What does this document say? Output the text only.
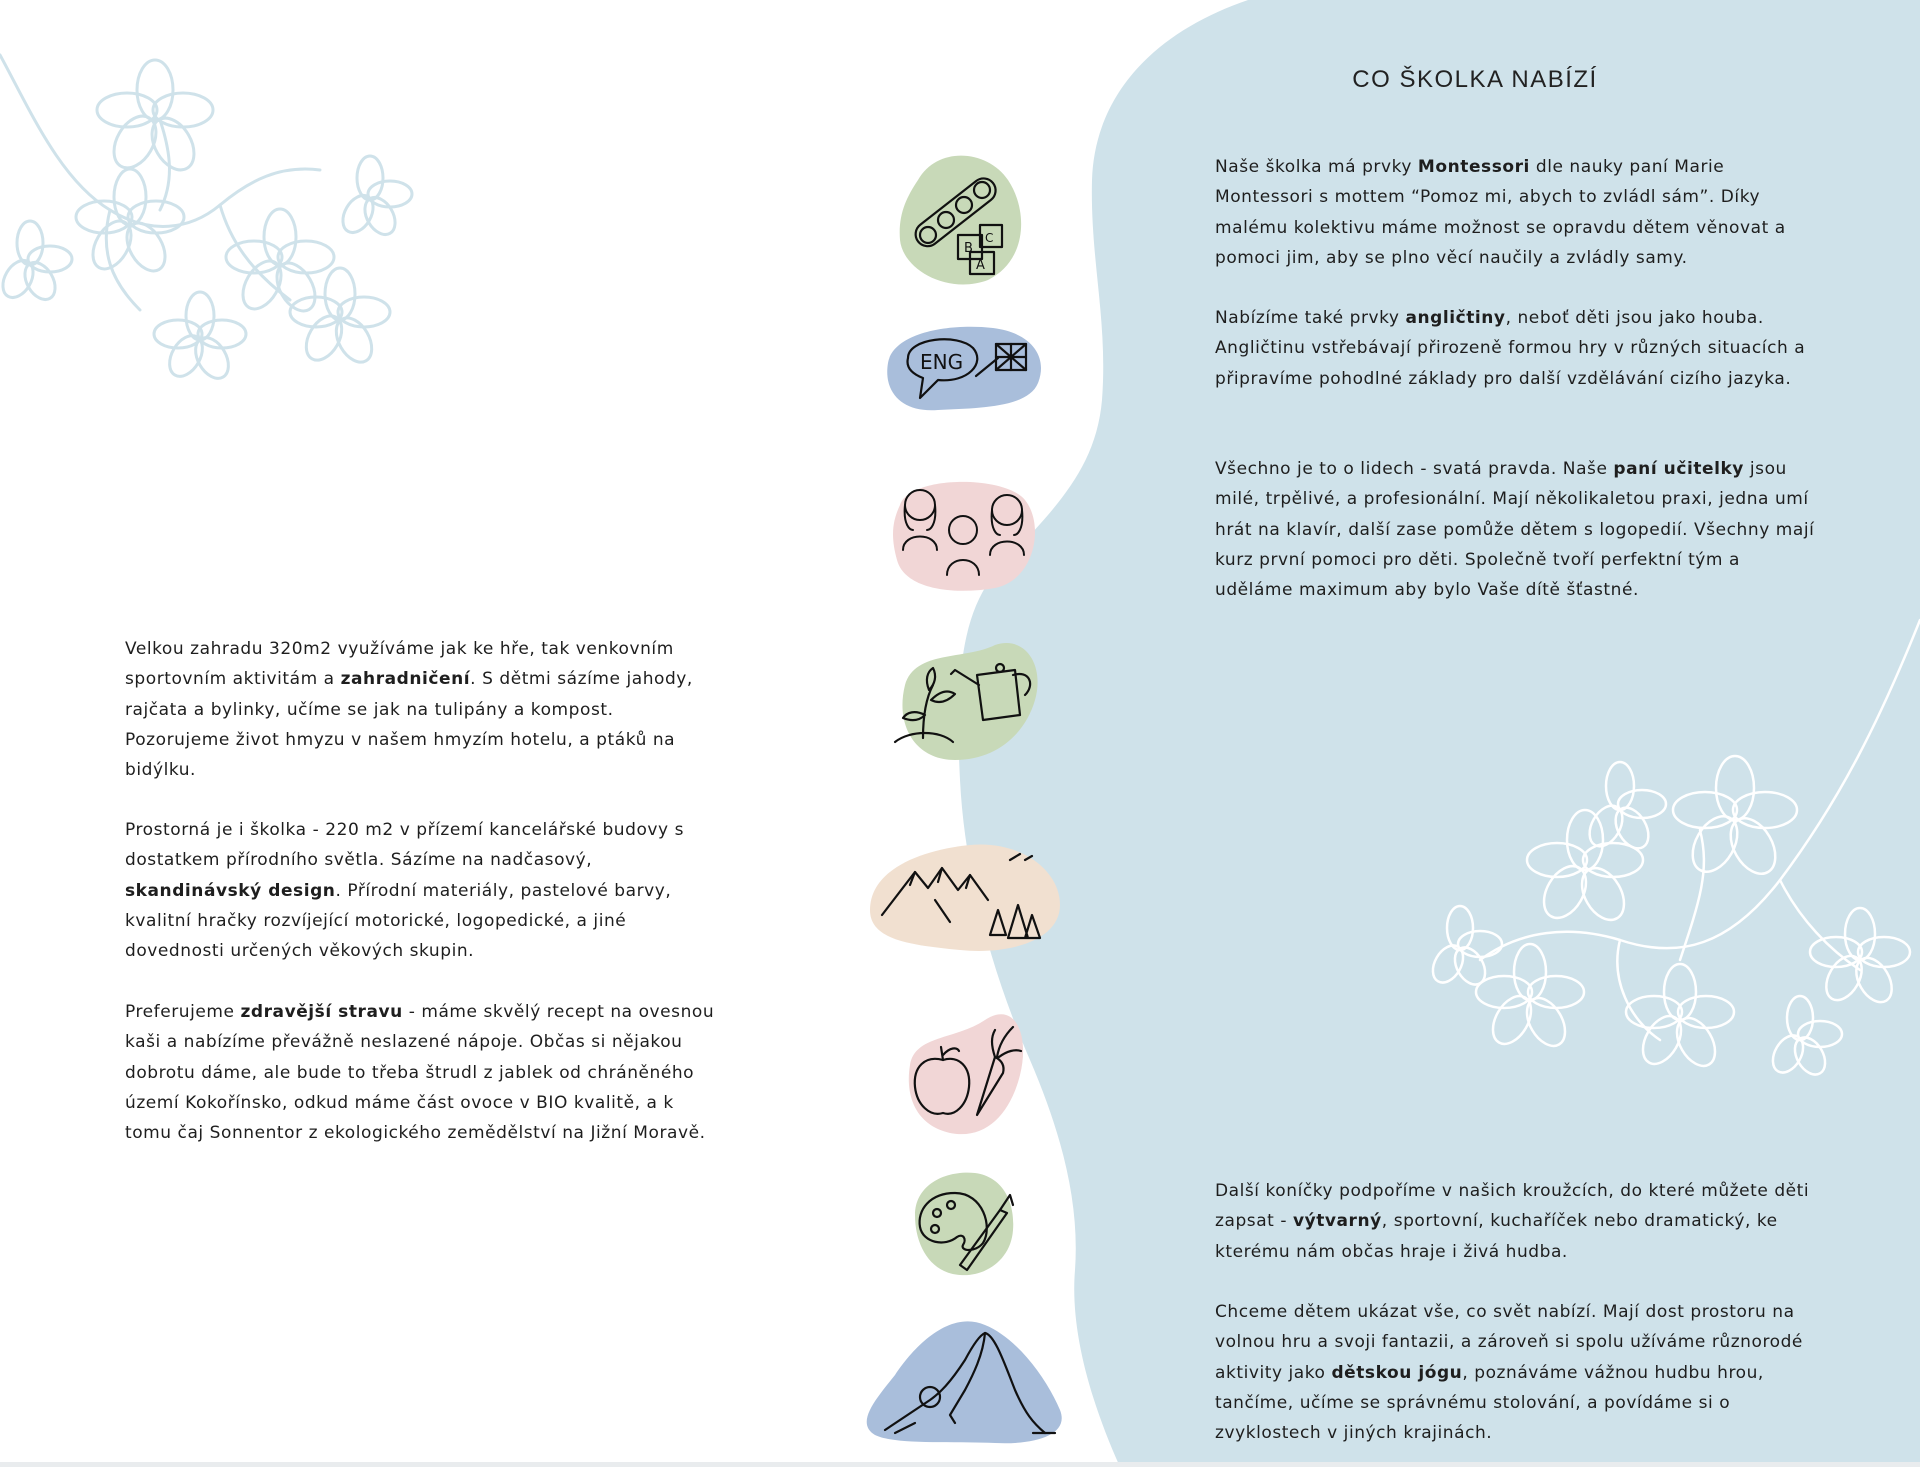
CO ŠKOLKA NABÍZÍ

Naše školka má prvky Montessori dle nauky paní Marie Montessori s mottem “Pomoz mi, abych to zvládl sám”. Díky malému kolektivu máme možnost se opravdu dětem věnovat a pomoci jim, aby se plno věcí naučily a zvládly samy.

Nabízíme také prvky angličtiny, neboť děti jsou jako houba. Angličtinu vstřebávají přirozeně formou hry v různých situacích a připravíme pohodlné základy pro další vzdělávání cizího jazyka.

Všechno je to o lidech - svatá pravda. Naše paní učitelky jsou milé, trpělivé, a profesionální. Mají několikaletou praxi, jedna umí hrát na klavír, další zase pomůže dětem s logopedií. Všechny mají kurz první pomoci pro děti. Společně tvoří perfektní tým a uděláme maximum aby bylo Vaše dítě šťastné.

Další koníčky podpoříme v našich kroužcích, do které můžete děti zapsat - výtvarný, sportovní, kuchaříček nebo dramatický, ke kterému nám občas hraje i živá hudba.

Chceme dětem ukázat vše, co svět nabízí. Mají dost prostoru na volnou hru a svoji fantazii, a zároveň si spolu užíváme různorodé aktivity jako dětskou jógu, poznáváme vážnou hudbu hrou, tančíme, učíme se správnému stolování, a povídáme si o zvyklostech v jiných krajinách.

Velkou zahradu 320m2 využíváme jak ke hře, tak venkovním sportovním aktivitám a zahradničení. S dětmi sázíme jahody, rajčata a bylinky, učíme se jak na tulipány a kompost. Pozorujeme život hmyzu v našem hmyzím hotelu, a ptáků na bidýlku.

Prostorná je i školka - 220 m2 v přízemí kancelářské budovy s dostatkem přírodního světla. Sázíme na nadčasový, skandinávský design. Přírodní materiály, pastelové barvy, kvalitní hračky rozvíjející motorické, logopedické, a jiné dovednosti určených věkových skupin.

Preferujeme zdravější stravu - máme skvělý recept na ovesnou kaši a nabízíme převážně neslazené nápoje. Občas si nějakou dobrotu dáme, ale bude to třeba štrudl z jablek od chráněného území Kokořínsko, odkud máme část ovoce v BIO kvalitě, a k tomu čaj Sonnentor z ekologického zemědělství na Jižní Moravě.

B
C
A
ENG
